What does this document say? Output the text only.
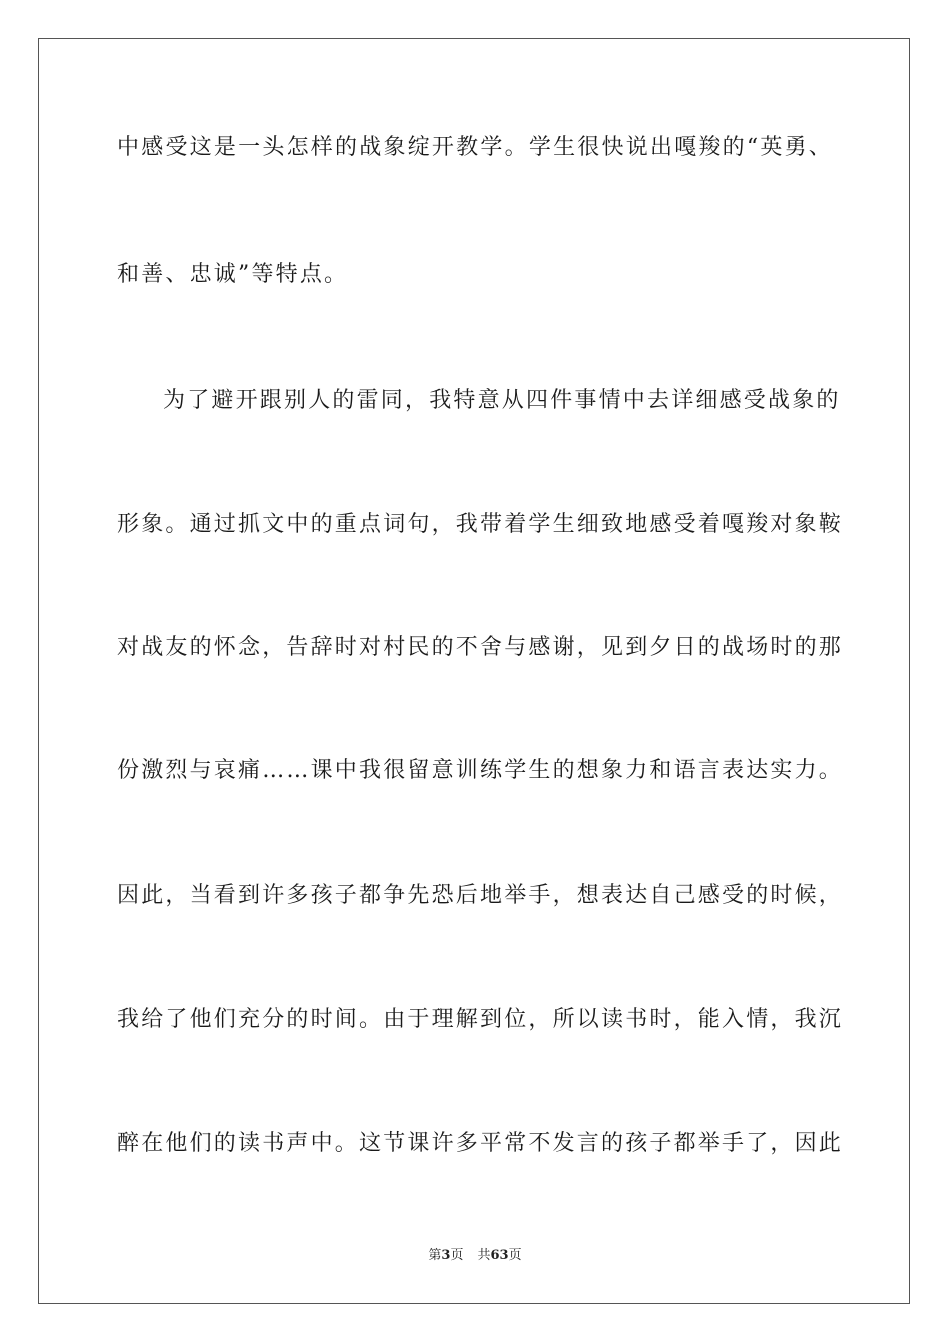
中感受这是一头怎样的战象绽开教学。学生很快说出嘎羧的“英勇、
和善、忠诚”等特点。
为了避开跟别人的雷同，我特意从四件事情中去详细感受战象的
形象。通过抓文中的重点词句，我带着学生细致地感受着嘎羧对象鞍
对战友的怀念，告辞时对村民的不舍与感谢，见到夕日的战场时的那
份激烈与哀痛……课中我很留意训练学生的想象力和语言表达实力。
因此，当看到许多孩子都争先恐后地举手，想表达自己感受的时候，
我给了他们充分的时间。由于理解到位，所以读书时，能入情，我沉
醉在他们的读书声中。这节课许多平常不发言的孩子都举手了，因此
第3页 共63页
